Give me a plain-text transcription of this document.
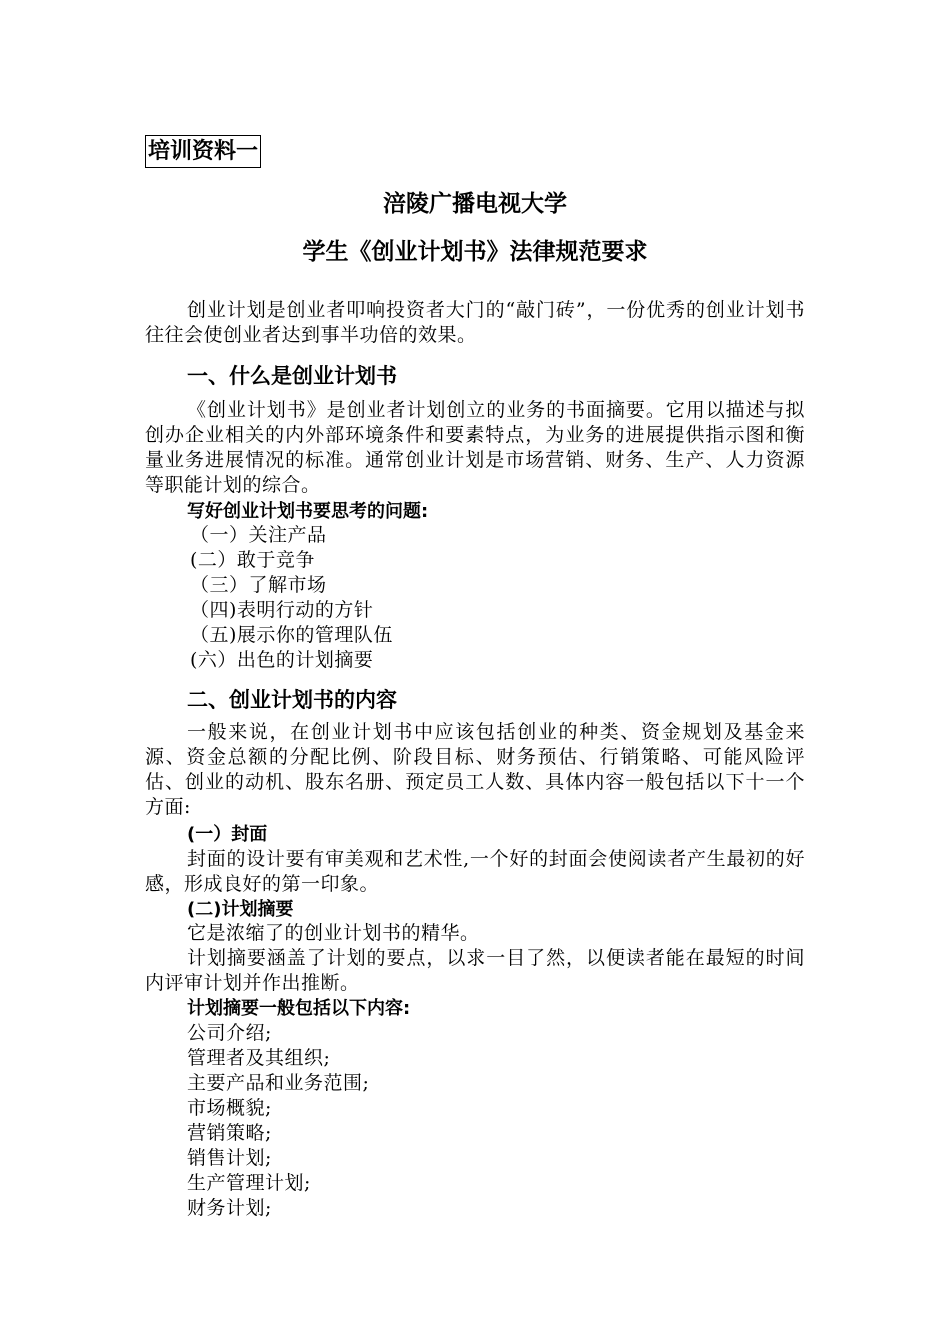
培训资料一
涪陵广播电视大学
学生《创业计划书》法律规范要求

创业计划是创业者叩响投资者大门的“敲门砖”，一份优秀的创业计划书往往会使创业者达到事半功倍的效果。

一、什么是创业计划书

《创业计划书》是创业者计划创立的业务的书面摘要。它用以描述与拟创办企业相关的内外部环境条件和要素特点，为业务的进展提供指示图和衡量业务进展情况的标准。通常创业计划是市场营销、财务、生产、人力资源等职能计划的综合。

写好创业计划书要思考的问题:
（一）关注产品
(二）敢于竞争
（三）了解市场
（四)表明行动的方针
（五)展示你的管理队伍
(六）出色的计划摘要
二、创业计划书的内容

一般来说，在创业计划书中应该包括创业的种类、资金规划及基金来源、资金总额的分配比例、阶段目标、财务预估、行销策略、可能风险评估、创业的动机、股东名册、预定员工人数、具体内容一般包括以下十一个方面:

(一）封面

封面的设计要有审美观和艺术性,一个好的封面会使阅读者产生最初的好感，形成良好的第一印象。

(二)计划摘要

它是浓缩了的创业计划书的精华。

计划摘要涵盖了计划的要点，以求一目了然，以便读者能在最短的时间内评审计划并作出推断。

计划摘要一般包括以下内容:
公司介绍;
管理者及其组织;
主要产品和业务范围;
市场概貌;
营销策略;
销售计划;
生产管理计划;
财务计划;
